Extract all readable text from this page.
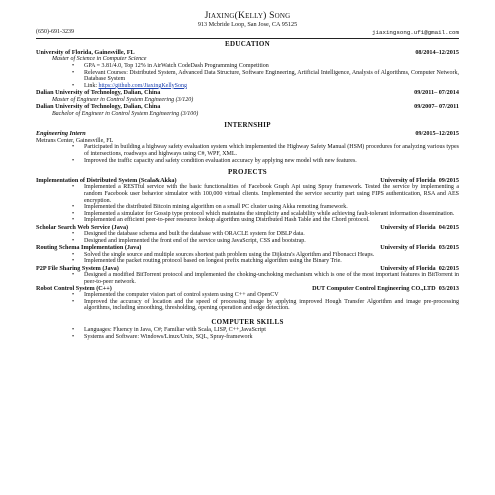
Jiaxing(Kelly) Song
913 Mcbride Loop, San Jose, CA 95125
(650)-691-3239	jiaxingsong.uf1@gmail.com
EDUCATION
University of Florida, Gainesville, FL	08/2014–12/2015
Master of Science in Computer Science
• GPA = 3.81/4.0, Top 12% in AirWatch CodeDash Programming Competition
• Relevant Courses: Distributed System, Advanced Data Structure, Software Engineering, Artificial Intelligence, Analysis of Algorithms, Computer Network, Database System
• Link: https://github.com/JiaxingKellySong
Dalian University of Technology, Dalian, China	09/2011– 07/2014
Master of Engineer in Control System Engineering (3/120)
Dalian University of Technology, Dalian, China	09/2007– 07/2011
Bachelor of Engineer in Control System Engineering (3/100)
INTERNSHIP
Engineering Intern	09/2015–12/2015
Metrans Center, Gainesville, FL
• Participated in building a highway safety evaluation system which implemented the Highway Safety Manual (HSM) procedures for analyzing various types of intersections, roadways and highways using C#, WPF, XML.
• Improved the traffic capacity and safety condition evaluation accuracy by applying new model with new features.
PROJECTS
Implementation of Distributed System (Scala&Akka)	University of Florida 09/2015
• Implemented a RESTful service with the basic functionalities of Facebook Graph Api using Spray framework. Tested the service by implementing a random Facebook user behavior simulator with 100,000 virtual clients. Implemented the service security part using FIPS authentication, RSA and AES encryption.
• Implemented the distributed Bitcoin mining algorithm on a small PC cluster using Akka remoting framework.
• Implemented a simulator for Gossip type protocol which maintains the simplicity and scalability while achieving fault-tolerant information dissemination.
• Implemented an efficient peer-to-peer resource lookup algorithm using Distributed Hash Table and the Chord protocol.
Scholar Search Web Service (Java)	University of Florida 04/2015
• Designed the database schema and built the database with ORACLE system for DBLP data.
• Designed and implemented the front end of the service using JavaScript, CSS and bootstrap.
Routing Schema Implementation (Java)	University of Florida 03/2015
• Solved the single source and multiple sources shortest path problem using the Dijkstra's Algorithm and Fibonacci Heaps.
• Implemented the packet routing protocol based on longest prefix matching algorithm using the Binary Trie.
P2P File Sharing System (Java)	University of Florida 02/2015
• Designed a modified BitTorrent protocol and implemented the choking-unchoking mechanism which is one of the most important features in BitTorrent in peer-to-peer network.
Robot Control System (C++)	DUT Computer Control Engineering CO.,LTD 03/2013
• Implemented the computer vision part of control system using C++ and OpenCV
• Improved the accuracy of location and the speed of processing image by applying improved Hough Transfer Algorithm and image pre-processing algorithms, including smoothing, thresholding, opening operation and edge detection.
COMPUTER SKILLS
• Languages: Fluency in Java, C#; Familiar with Scala, LISP, C++,JavaScript
• Systems and Software: Windows/Linux/Unix, SQL, Spray-framework
